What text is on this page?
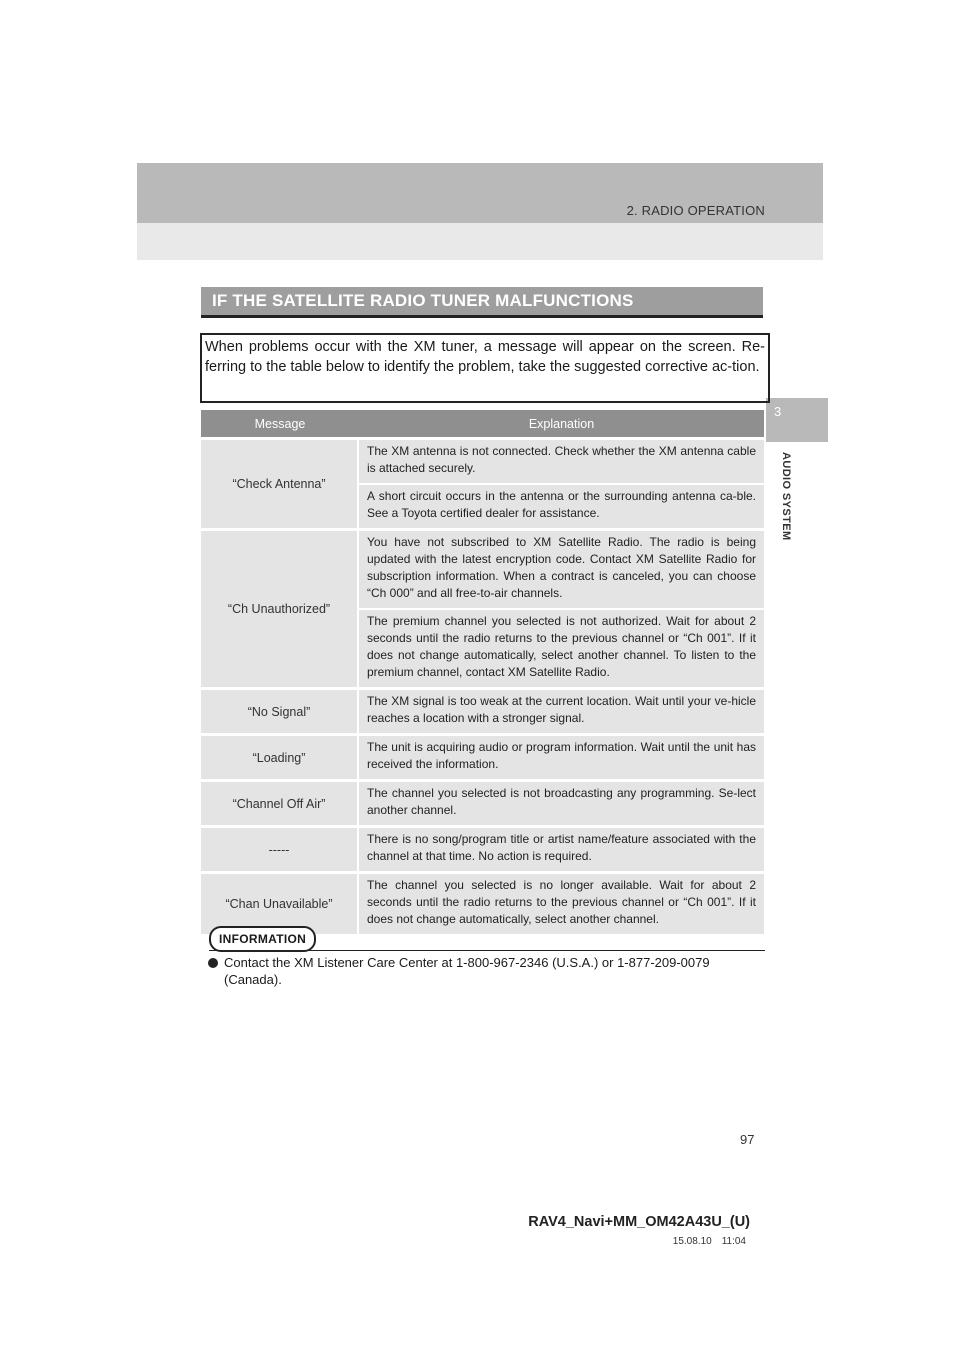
2. RADIO OPERATION
3
AUDIO SYSTEM
IF THE SATELLITE RADIO TUNER MALFUNCTIONS
When problems occur with the XM tuner, a message will appear on the screen. Re-ferring to the table below to identify the problem, take the suggested corrective ac-tion.
Message	Explanation
“Check Antenna”
The XM antenna is not connected. Check whether the XM antenna cable is attached securely.
A short circuit occurs in the antenna or the surrounding antenna ca-ble. See a Toyota certified dealer for assistance.
“Ch Unauthorized”
You have not subscribed to XM Satellite Radio. The radio is being updated with the latest encryption code. Contact XM Satellite Radio for subscription information. When a contract is canceled, you can choose “Ch 000” and all free-to-air channels.
The premium channel you selected is not authorized. Wait for about 2 seconds until the radio returns to the previous channel or “Ch 001”. If it does not change automatically, select another channel. To listen to the premium channel, contact XM Satellite Radio.
“No Signal”
The XM signal is too weak at the current location. Wait until your ve-hicle reaches a location with a stronger signal.
“Loading”
The unit is acquiring audio or program information. Wait until the unit has received the information.
“Channel Off Air”
The channel you selected is not broadcasting any programming. Se-lect another channel.
-----
There is no song/program title or artist name/feature associated with the channel at that time. No action is required.
“Chan Unavailable”
The channel you selected is no longer available. Wait for about 2 seconds until the radio returns to the previous channel or “Ch 001”. If it does not change automatically, select another channel.
INFORMATION
Contact the XM Listener Care Center at 1-800-967-2346 (U.S.A.) or 1-877-209-0079
(Canada).
97
RAV4_Navi+MM_OM42A43U_(U)
15.08.10 11:04
